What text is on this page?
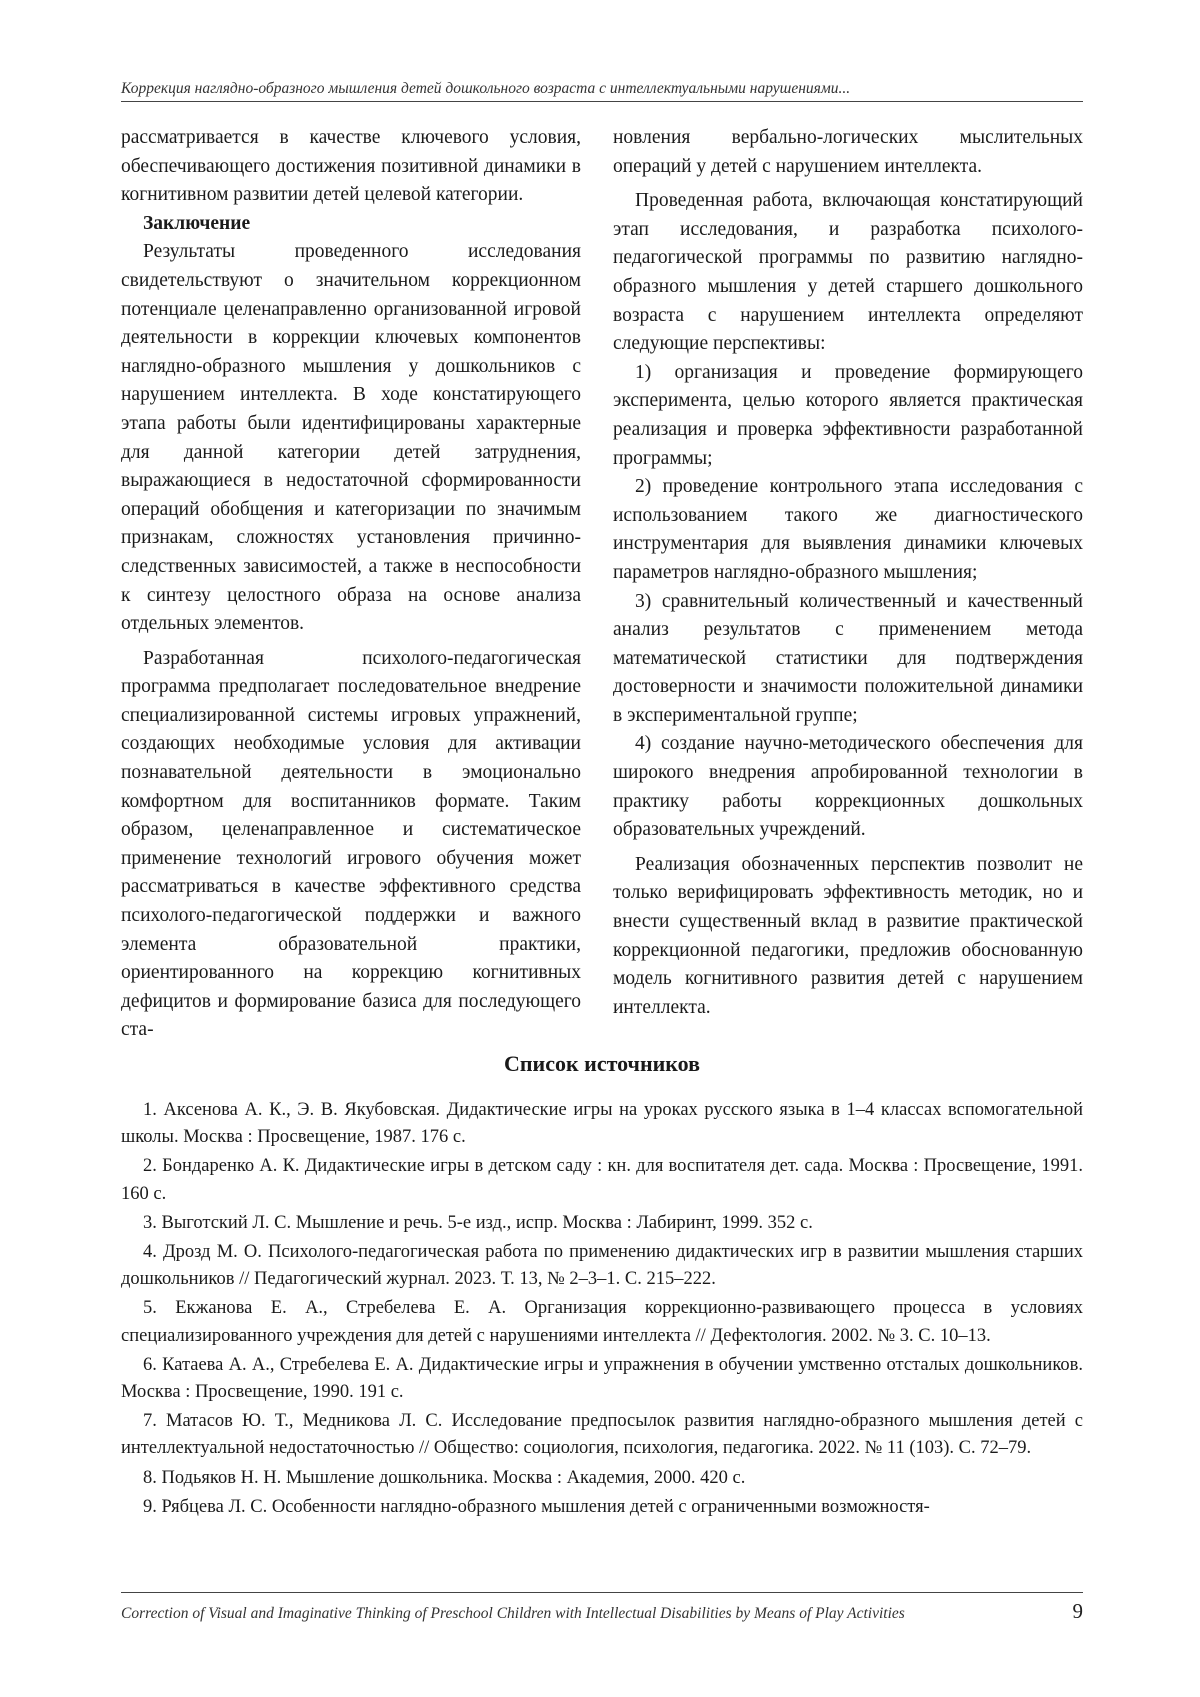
Коррекция наглядно-образного мышления детей дошкольного возраста с интеллектуальными нарушениями...

рассматривается в качестве ключевого условия, обеспечивающего достижения позитивной динамики в когнитивном развитии детей целевой категории.

Заключение

Результаты проведенного исследования свидетельствуют о значительном коррекционном потенциале целенаправленно организованной игровой деятельности в коррекции ключевых компонентов наглядно-образного мышления у дошкольников с нарушением интеллекта. В ходе констатирующего этапа работы были идентифицированы характерные для данной категории детей затруднения, выражающиеся в недостаточной сформированности операций обобщения и категоризации по значимым признакам, сложностях установления причинно-следственных зависимостей, а также в неспособности к синтезу целостного образа на основе анализа отдельных элементов.

Разработанная психолого-педагогическая программа предполагает последовательное внедрение специализированной системы игровых упражнений, создающих необходимые условия для активации познавательной деятельности в эмоционально комфортном для воспитанников формате. Таким образом, целенаправленное и систематическое применение технологий игрового обучения может рассматриваться в качестве эффективного средства психолого-педагогической поддержки и важного элемента образовательной практики, ориентированного на коррекцию когнитивных дефицитов и формирование базиса для последующего ста-

новления вербально-логических мыслительных операций у детей с нарушением интеллекта.

Проведенная работа, включающая констатирующий этап исследования, и разработка психолого-педагогической программы по развитию наглядно-образного мышления у детей старшего дошкольного возраста с нарушением интеллекта определяют следующие перспективы:

1) организация и проведение формирующего эксперимента, целью которого является практическая реализация и проверка эффективности разработанной программы;

2) проведение контрольного этапа исследования с использованием такого же диагностического инструментария для выявления динамики ключевых параметров наглядно-образного мышления;

3) сравнительный количественный и качественный анализ результатов с применением метода математической статистики для подтверждения достоверности и значимости положительной динамики в экспериментальной группе;

4) создание научно-методического обеспечения для широкого внедрения апробированной технологии в практику работы коррекционных дошкольных образовательных учреждений.

Реализация обозначенных перспектив позволит не только верифицировать эффективность методик, но и внести существенный вклад в развитие практической коррекционной педагогики, предложив обоснованную модель когнитивного развития детей с нарушением интеллекта.

Список источников
1. Аксенова А. К., Э. В. Якубовская. Дидактические игры на уроках русского языка в 1–4 классах вспомогательной школы. Москва : Просвещение, 1987. 176 с.
2. Бондаренко А. К. Дидактические игры в детском саду : кн. для воспитателя дет. сада. Москва : Просвещение, 1991. 160 с.
3. Выготский Л. С. Мышление и речь. 5-е изд., испр. Москва : Лабиринт, 1999. 352 с.
4. Дрозд М. О. Психолого-педагогическая работа по применению дидактических игр в развитии мышления старших дошкольников // Педагогический журнал. 2023. Т. 13, № 2–3–1. С. 215–222.
5. Екжанова Е. А., Стребелева Е. А. Организация коррекционно-развивающего процесса в условиях специализированного учреждения для детей с нарушениями интеллекта // Дефектология. 2002. № 3. С. 10–13.
6. Катаева А. А., Стребелева Е. А. Дидактические игры и упражнения в обучении умственно отсталых дошкольников. Москва : Просвещение, 1990. 191 с.
7. Матасов Ю. Т., Медникова Л. С. Исследование предпосылок развития наглядно-образного мышления детей с интеллектуальной недостаточностью // Общество: социология, психология, педагогика. 2022. № 11 (103). С. 72–79.
8. Подьяков Н. Н. Мышление дошкольника. Москва : Академия, 2000. 420 с.
9. Рябцева Л. С. Особенности наглядно-образного мышления детей с ограниченными возможностя-
Correction of Visual and Imaginative Thinking of Preschool Children with Intellectual Disabilities by Means of Play Activities	9
